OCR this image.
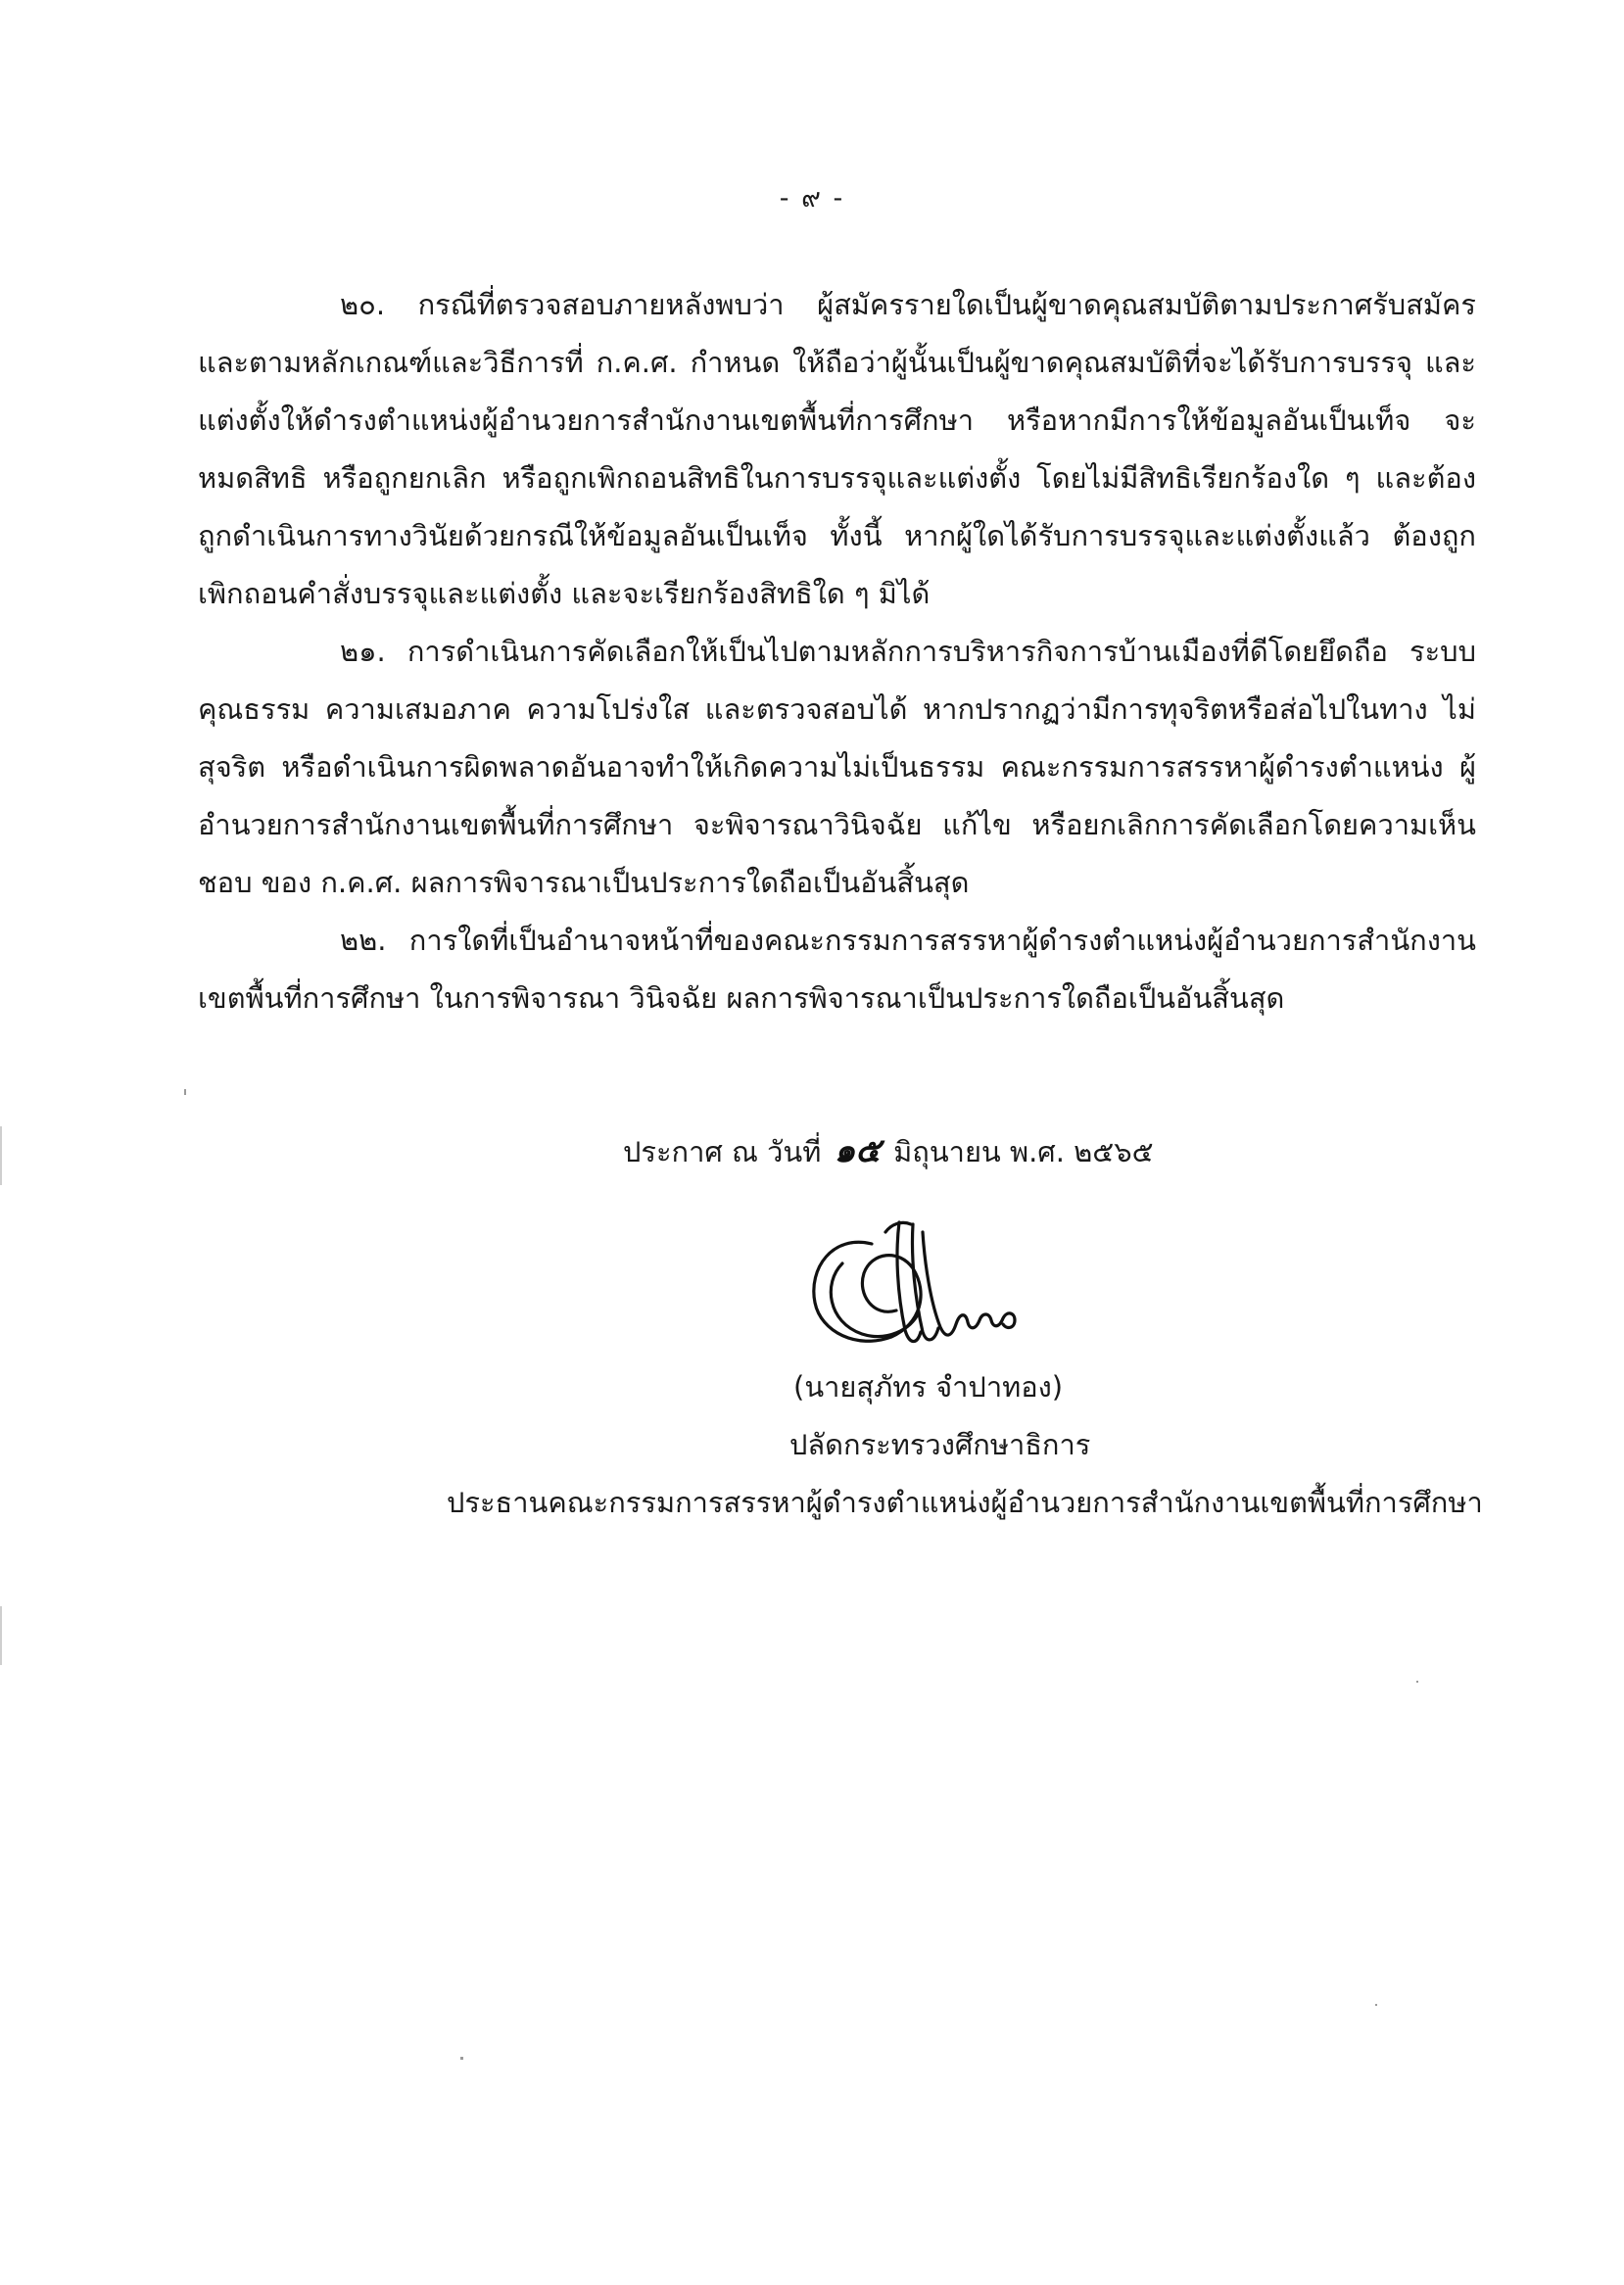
- ๙ -

๒๐. กรณีที่ตรวจสอบภายหลังพบว่า ผู้สมัครรายใดเป็นผู้ขาดคุณสมบัติตามประกาศรับสมัคร และตามหลักเกณฑ์และวิธีการที่ ก.ค.ศ. กำหนด ให้ถือว่าผู้นั้นเป็นผู้ขาดคุณสมบัติที่จะได้รับการบรรจุ และแต่งตั้งให้ดำรงตำแหน่งผู้อำนวยการสำนักงานเขตพื้นที่การศึกษา หรือหากมีการให้ข้อมูลอันเป็นเท็จ จะหมดสิทธิ หรือถูกยกเลิก หรือถูกเพิกถอนสิทธิในการบรรจุและแต่งตั้ง โดยไม่มีสิทธิเรียกร้องใด ๆ และต้องถูกดำเนินการทางวินัยด้วยกรณีให้ข้อมูลอันเป็นเท็จ ทั้งนี้ หากผู้ใดได้รับการบรรจุและแต่งตั้งแล้ว ต้องถูกเพิกถอนคำสั่งบรรจุและแต่งตั้ง และจะเรียกร้องสิทธิใด ๆ มิได้

๒๑. การดำเนินการคัดเลือกให้เป็นไปตามหลักการบริหารกิจการบ้านเมืองที่ดีโดยยึดถือ ระบบคุณธรรม ความเสมอภาค ความโปร่งใส และตรวจสอบได้ หากปรากฏว่ามีการทุจริตหรือส่อไปในทาง ไม่สุจริต หรือดำเนินการผิดพลาดอันอาจทำให้เกิดความไม่เป็นธรรม คณะกรรมการสรรหาผู้ดำรงตำแหน่ง ผู้อำนวยการสำนักงานเขตพื้นที่การศึกษา จะพิจารณาวินิจฉัย แก้ไข หรือยกเลิกการคัดเลือกโดยความเห็นชอบ ของ ก.ค.ศ. ผลการพิจารณาเป็นประการใดถือเป็นอันสิ้นสุด

๒๒. การใดที่เป็นอำนาจหน้าที่ของคณะกรรมการสรรหาผู้ดำรงตำแหน่งผู้อำนวยการสำนักงาน เขตพื้นที่การศึกษา ในการพิจารณา วินิจฉัย ผลการพิจารณาเป็นประการใดถือเป็นอันสิ้นสุด

ประกาศ ณ วันที่ ๑๕ มิถุนายน พ.ศ. ๒๕๖๕
(นายสุภัทร จำปาทอง)
ปลัดกระทรวงศึกษาธิการ
ประธานคณะกรรมการสรรหาผู้ดำรงตำแหน่งผู้อำนวยการสำนักงานเขตพื้นที่การศึกษา
